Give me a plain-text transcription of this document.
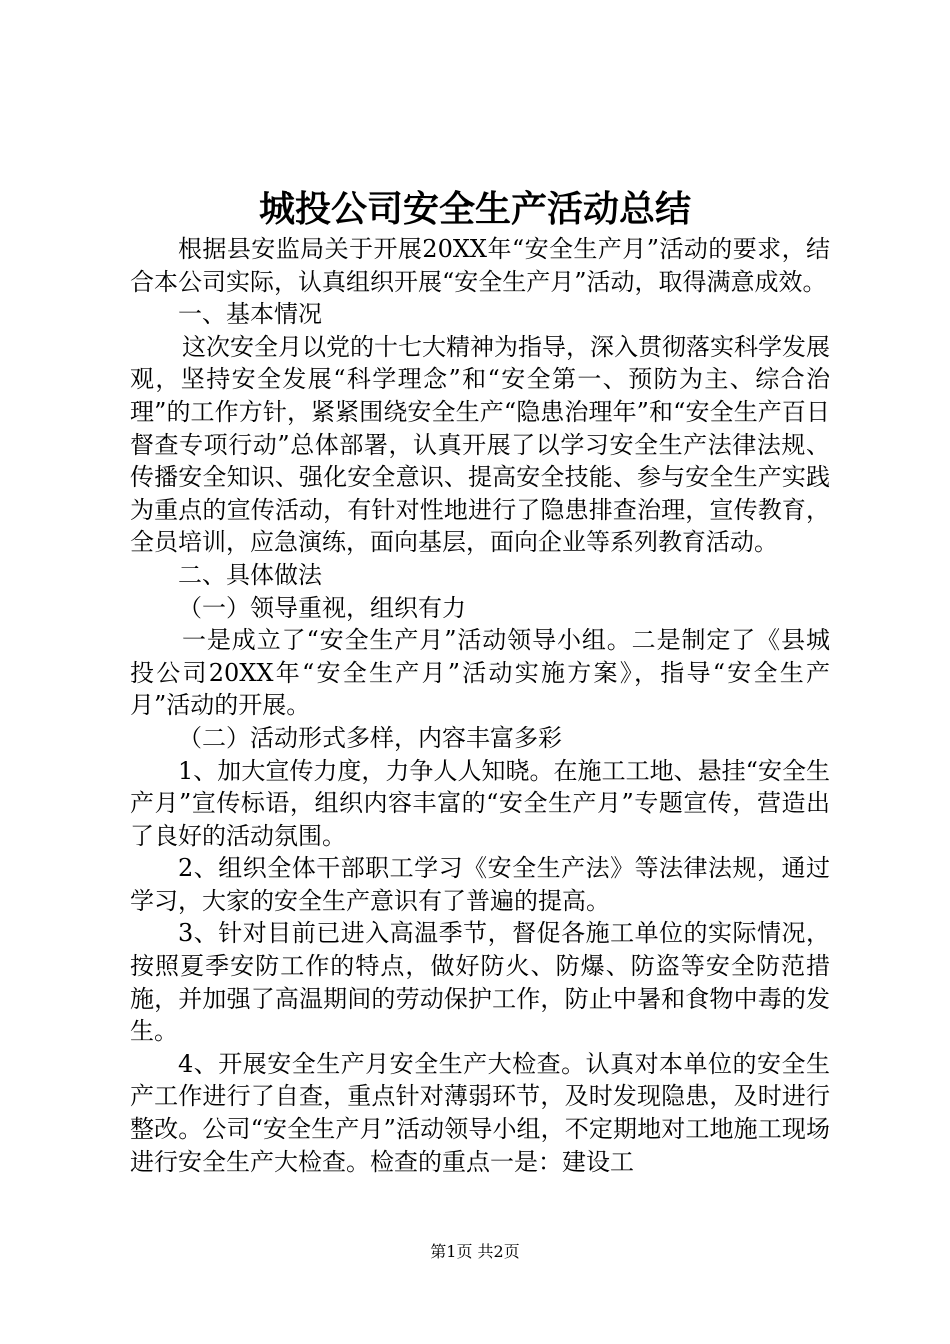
城投公司安全生产活动总结

根据县安监局关于开展20XX年“安全生产月”活动的要求，结合本公司实际，认真组织开展“安全生产月”活动，取得满意成效。

一、基本情况

这次安全月以党的十七大精神为指导，深入贯彻落实科学发展观，坚持安全发展“科学理念”和“安全第一、预防为主、综合治理”的工作方针，紧紧围绕安全生产“隐患治理年”和“安全生产百日督查专项行动”总体部署，认真开展了以学习安全生产法律法规、传播安全知识、强化安全意识、提高安全技能、参与安全生产实践为重点的宣传活动，有针对性地进行了隐患排查治理，宣传教育，全员培训，应急演练，面向基层，面向企业等系列教育活动。

二、具体做法

（一）领导重视，组织有力

一是成立了“安全生产月”活动领导小组。二是制定了《县城投公司20XX年“安全生产月”活动实施方案》，指导“安全生产月”活动的开展。

（二）活动形式多样，内容丰富多彩

1、加大宣传力度，力争人人知晓。在施工工地、悬挂“安全生产月”宣传标语，组织内容丰富的“安全生产月”专题宣传，营造出了良好的活动氛围。

2、组织全体干部职工学习《安全生产法》等法律法规，通过学习，大家的安全生产意识有了普遍的提高。

3、针对目前已进入高温季节，督促各施工单位的实际情况，按照夏季安防工作的特点，做好防火、防爆、防盗等安全防范措施，并加强了高温期间的劳动保护工作，防止中暑和食物中毒的发生。

4、开展安全生产月安全生产大检查。认真对本单位的安全生产工作进行了自查，重点针对薄弱环节，及时发现隐患，及时进行整改。公司“安全生产月”活动领导小组，不定期地对工地施工现场进行安全生产大检查。检查的重点一是：建设工

第1页 共2页
